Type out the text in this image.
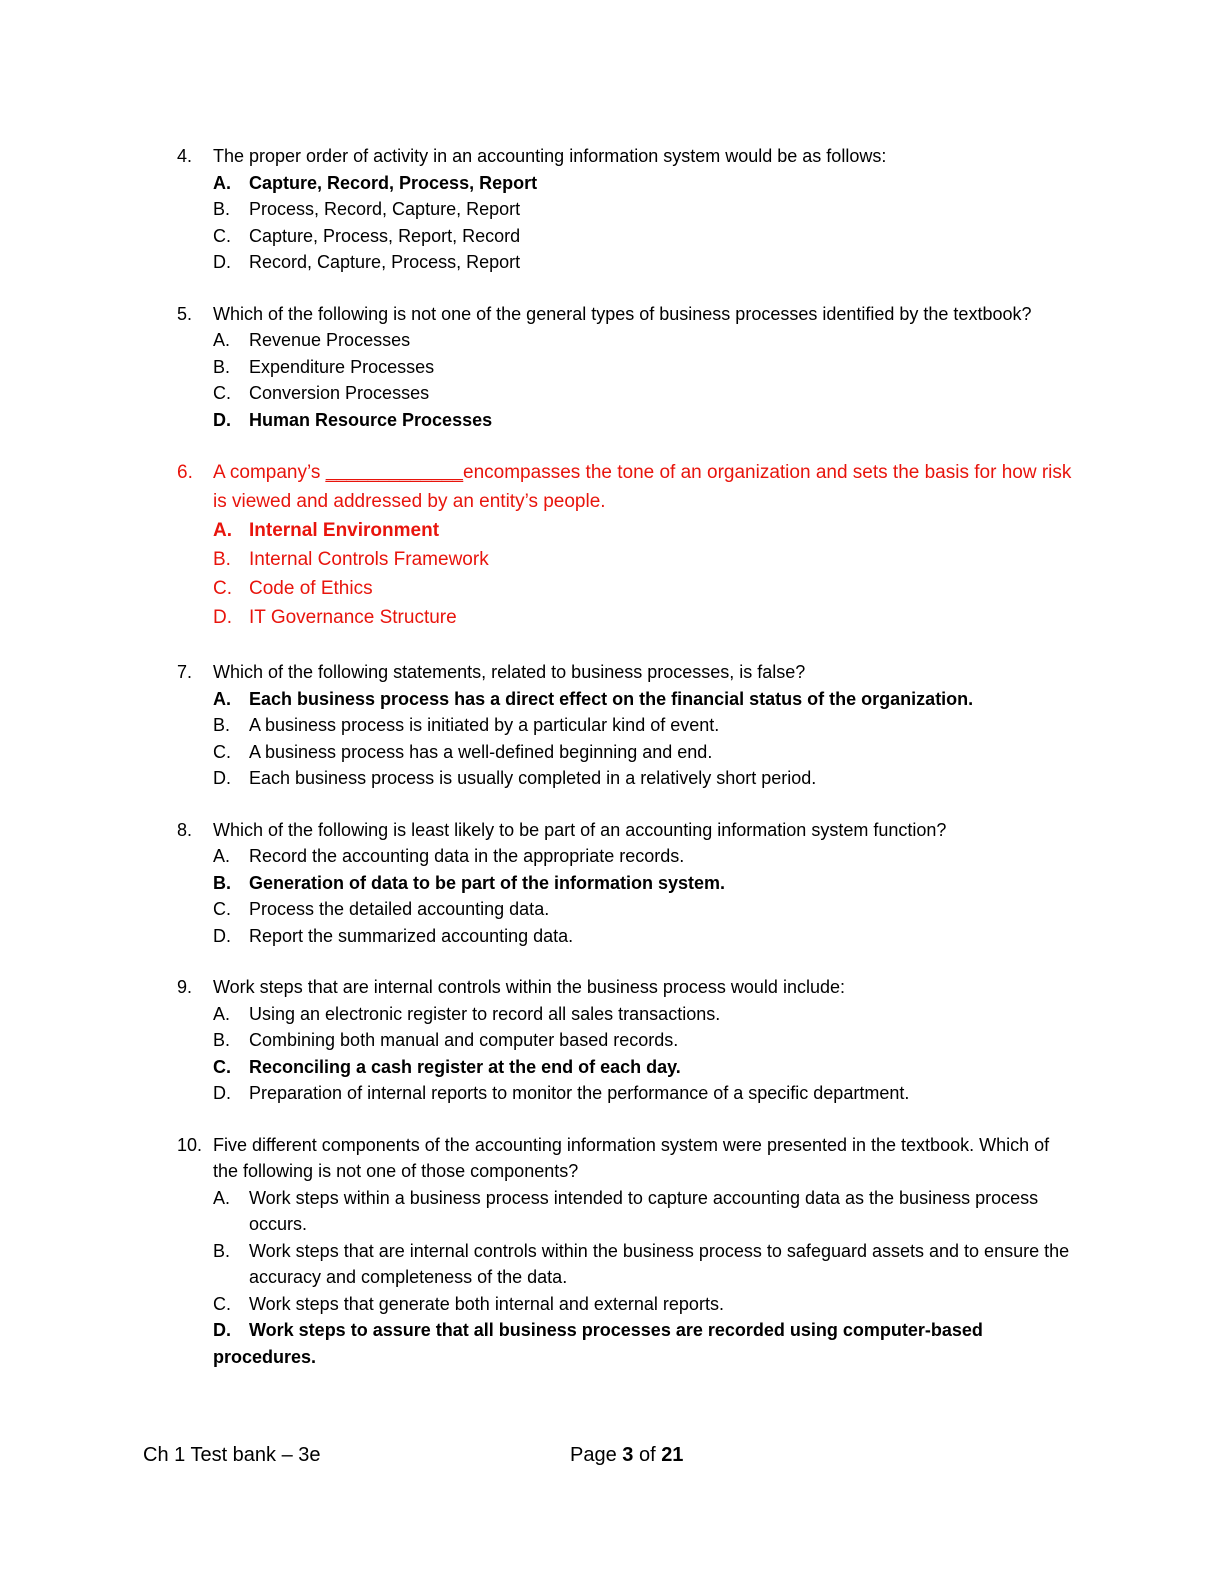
4.	The proper order of activity in an accounting information system would be as follows:
A.	Capture, Record, Process, Report
B.	Process, Record, Capture, Report
C.	Capture, Process, Report, Record
D.	Record, Capture, Process, Report
5.	Which of the following is not one of the general types of business processes identified by the textbook?
A.	Revenue Processes
B.	Expenditure Processes
C.	Conversion Processes
D.	Human Resource Processes
6.	A company’s _____________encompasses the tone of an organization and sets the basis for how risk is viewed and addressed by an entity’s people.
A. Internal Environment
B. Internal Controls Framework
C. Code of Ethics
D. IT Governance Structure
7.	Which of the following statements, related to business processes, is false?
A.	Each business process has a direct effect on the financial status of the organization.
B.	A business process is initiated by a particular kind of event.
C.	A business process has a well-defined beginning and end.
D.	Each business process is usually completed in a relatively short period.
8.	Which of the following is least likely to be part of an accounting information system function?
A.	Record the accounting data in the appropriate records.
B.	Generation of data to be part of the information system.
C.	Process the detailed accounting data.
D.	Report the summarized accounting data.
9.	Work steps that are internal controls within the business process would include:
A.	Using an electronic register to record all sales transactions.
B.	Combining both manual and computer based records.
C.	Reconciling a cash register at the end of each day.
D.	Preparation of internal reports to monitor the performance of a specific department.
10. Five different components of the accounting information system were presented in the textbook. Which of the following is not one of those components?
A.	Work steps within a business process intended to capture accounting data as the business process occurs.
B.	Work steps that are internal controls within the business process to safeguard assets and to ensure the accuracy and completeness of the data.
C.	Work steps that generate both internal and external reports.
D. Work steps to assure that all business processes are recorded using computer-based procedures.
Ch 1 Test bank – 3e	Page 3 of 21
